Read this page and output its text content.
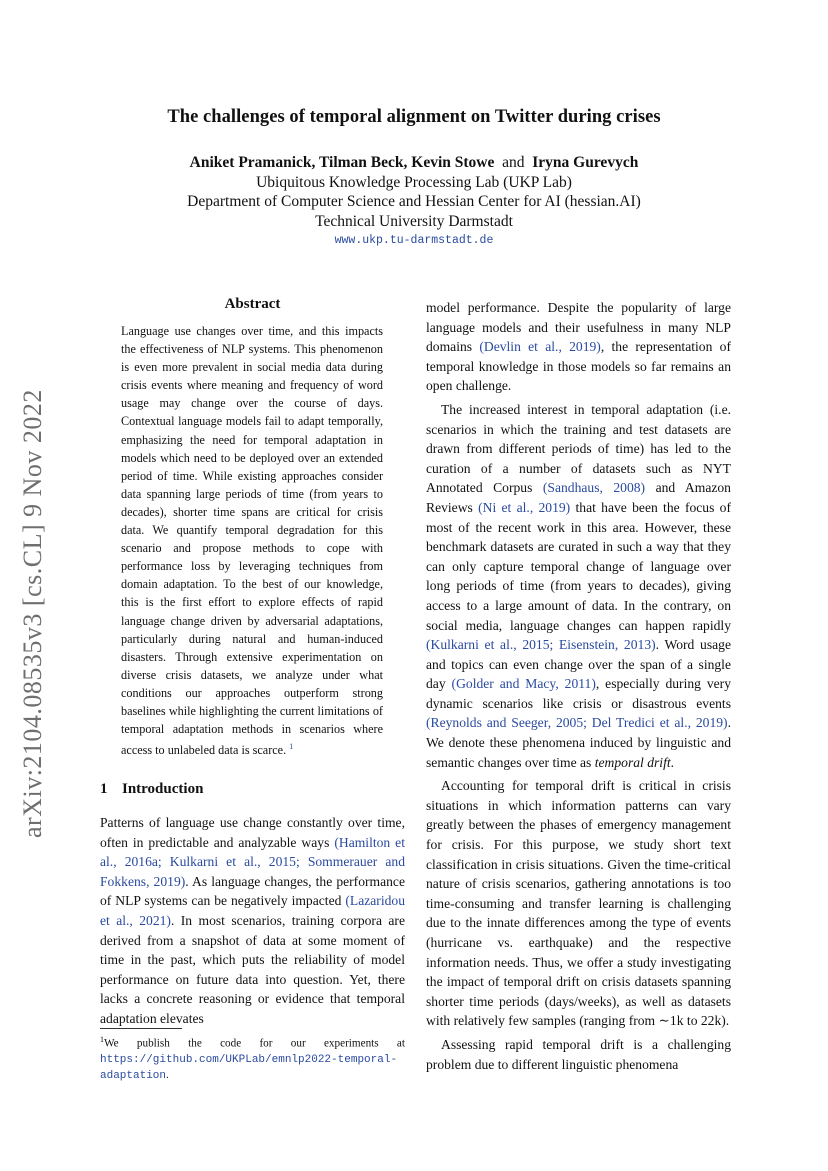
arXiv:2104.08535v3 [cs.CL] 9 Nov 2022
The challenges of temporal alignment on Twitter during crises
Aniket Pramanick, Tilman Beck, Kevin Stowe and Iryna Gurevych
Ubiquitous Knowledge Processing Lab (UKP Lab)
Department of Computer Science and Hessian Center for AI (hessian.AI)
Technical University Darmstadt
www.ukp.tu-darmstadt.de
Abstract
Language use changes over time, and this impacts the effectiveness of NLP systems. This phenomenon is even more prevalent in social media data during crisis events where meaning and frequency of word usage may change over the course of days. Contextual language models fail to adapt temporally, emphasizing the need for temporal adaptation in models which need to be deployed over an extended period of time. While existing approaches consider data spanning large periods of time (from years to decades), shorter time spans are critical for crisis data. We quantify temporal degradation for this scenario and propose methods to cope with performance loss by leveraging techniques from domain adaptation. To the best of our knowledge, this is the first effort to explore effects of rapid language change driven by adversarial adaptations, particularly during natural and human-induced disasters. Through extensive experimentation on diverse crisis datasets, we analyze under what conditions our approaches outperform strong baselines while highlighting the current limitations of temporal adaptation methods in scenarios where access to unlabeled data is scarce. $^1$
1 Introduction

Patterns of language use change constantly over time, often in predictable and analyzable ways (Hamilton et al., 2016a; Kulkarni et al., 2015; Sommerauer and Fokkens, 2019). As language changes, the performance of NLP systems can be negatively impacted (Lazaridou et al., 2021). In most scenarios, training corpora are derived from a snapshot of data at some moment of time in the past, which puts the reliability of model performance on future data into question. Yet, there lacks a concrete reasoning or evidence that temporal adaptation elevates

$^1$We publish the code for our experiments at https://github.com/UKPLab/emnlp2022-temporal-adaptation.

model performance. Despite the popularity of large language models and their usefulness in many NLP domains (Devlin et al., 2019), the representation of temporal knowledge in those models so far remains an open challenge.

The increased interest in temporal adaptation (i.e. scenarios in which the training and test datasets are drawn from different periods of time) has led to the curation of a number of datasets such as NYT Annotated Corpus (Sandhaus, 2008) and Amazon Reviews (Ni et al., 2019) that have been the focus of most of the recent work in this area. However, these benchmark datasets are curated in such a way that they can only capture temporal change of language over long periods of time (from years to decades), giving access to a large amount of data. In the contrary, on social media, language changes can happen rapidly (Kulkarni et al., 2015; Eisenstein, 2013). Word usage and topics can even change over the span of a single day (Golder and Macy, 2011), especially during very dynamic scenarios like crisis or disastrous events (Reynolds and Seeger, 2005; Del Tredici et al., 2019). We denote these phenomena induced by linguistic and semantic changes over time as temporal drift.

Accounting for temporal drift is critical in crisis situations in which information patterns can vary greatly between the phases of emergency management for crisis. For this purpose, we study short text classification in crisis situations. Given the time-critical nature of crisis scenarios, gathering annotations is too time-consuming and transfer learning is challenging due to the innate differences among the type of events (hurricane vs. earthquake) and the respective information needs. Thus, we offer a study investigating the impact of temporal drift on crisis datasets spanning shorter time periods (days/weeks), as well as datasets with relatively few samples (ranging from ∼1k to 22k).

Assessing rapid temporal drift is a challenging problem due to different linguistic phenomena
